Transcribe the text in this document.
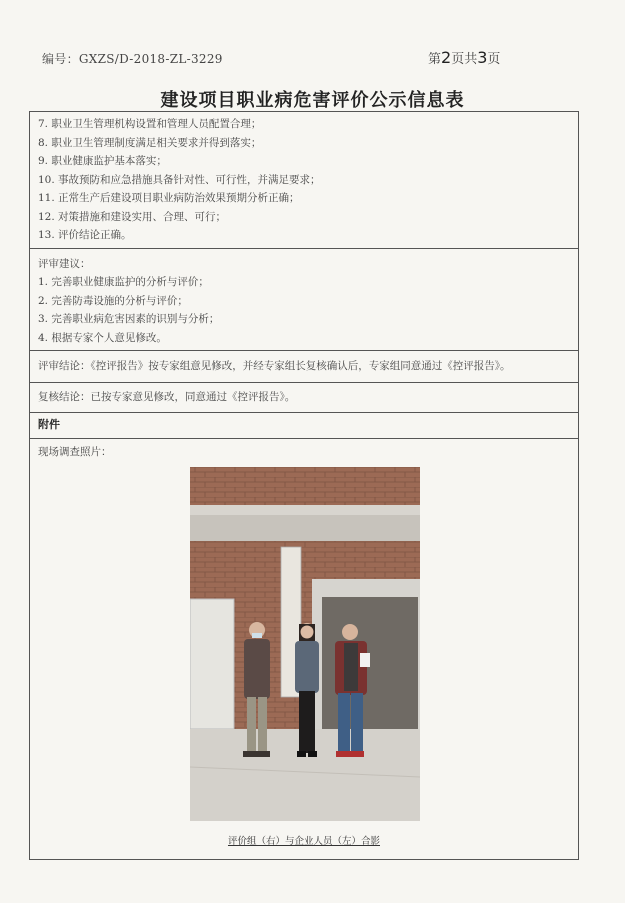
编号：GXZS/D-2018-ZL-3229	第2页共3页
建设项目职业病危害评价公示信息表
7. 职业卫生管理机构设置和管理人员配置合理；
8. 职业卫生管理制度满足相关要求并得到落实；
9. 职业健康监护基本落实；
10. 事故预防和应急措施具备针对性、可行性，并满足要求；
11. 正常生产后建设项目职业病防治效果预期分析正确；
12. 对策措施和建设实用、合理、可行；
13. 评价结论正确。

评审建议：
1. 完善职业健康监护的分析与评价；
2. 完善防毒设施的分析与评价；
3. 完善职业病危害因素的识别与分析；
4. 根据专家个人意见修改。

评审结论：《控评报告》按专家组意见修改，并经专家组长复核确认后，专家组同意通过《控评报告》。

复核结论：已按专家意见修改，同意通过《控评报告》。

附件

现场调查照片：
评价组（右）与企业人员（左）合影
